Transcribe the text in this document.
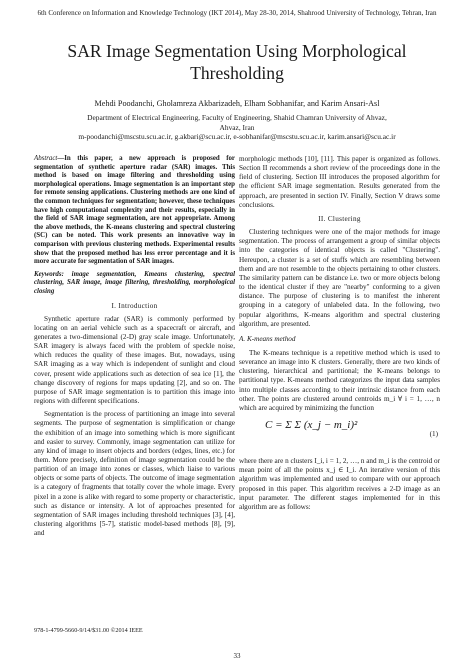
6th Conference on Information and Knowledge Technology (IKT 2014), May 28-30, 2014, Shahrood University of Technology, Tehran, Iran
SAR Image Segmentation Using Morphological
Thresholding
Mehdi Poodanchi, Gholamreza Akbarizadeh, Elham Sobhanifar, and Karim Ansari-Asl
Department of Electrical Engineering, Faculty of Engineering, Shahid Chamran University of Ahvaz,
Ahvaz, Iran
m-poodanchi@mscstu.scu.ac.ir, g.akbari@scu.ac.ir, e-sobhanifar@mscstu.scu.ac.ir, karim.ansari@scu.ac.ir

Abstract—In this paper, a new approach is proposed for segmentation of synthetic aperture radar (SAR) images. This method is based on image filtering and thresholding using morphological operations. Image segmentation is an important step for remote sensing applications. Clustering methods are one kind of the common techniques for segmentation; however, these techniques have high computational complexity and their results, especially in the field of SAR image segmentation, are not appropriate. Among the above methods, the K-means clustering and spectral clustering (SC) can be noted. This work presents an innovative way in comparison with previous clustering methods. Experimental results show that the proposed method has less error percentage and it is more accurate for segmentation of SAR images.

Keywords: image segmentation, Kmeans clustering, spectral clustering, SAR image, image filtering, thresholding, morphological closing

I. Introduction

Synthetic aperture radar (SAR) is commonly performed by locating on an aerial vehicle such as a spacecraft or aircraft, and generates a two-dimensional (2-D) gray scale image. Unfortunately, SAR imagery is always faced with the problem of speckle noise, which reduces the quality of these images. But, nowadays, using SAR imaging as a way which is independent of sunlight and cloud cover, present wide applications such as detection of sea ice [1], the change discovery of regions for maps updating [2], and so on. The purpose of SAR image segmentation is to partition this image into regions with different specifications.

Segmentation is the process of partitioning an image into several segments. The purpose of segmentation is simplification or change the exhibition of an image into something which is more significant and easier to survey. Commonly, image segmentation can utilize for any kind of image to insert objects and borders (edges, lines, etc.) for them. More precisely, definition of image segmentation could be the partition of an image into zones or classes, which liaise to various objects or some parts of objects. The outcome of image segmentation is a category of fragments that totally cover the whole image. Every pixel in a zone is alike with regard to some property or characteristic, such as distance or intensity. A lot of approaches presented for segmentation of SAR images including threshold techniques [3], [4], clustering algorithms [5-7], statistic model-based methods [8], [9], and

morphologic methods [10], [11]. This paper is organized as follows. Section II recommends a short review of the proceedings done in the field of clustering. Section III introduces the proposed algorithm for the efficient SAR image segmentation. Results generated from the approach, are presented in section IV. Finally, Section V draws some conclusions.

II. Clustering

Clustering techniques were one of the major methods for image segmentation. The process of arrangement a group of similar objects into the categories of identical objects is called "Clustering". Hereupon, a cluster is a set of stuffs which are resembling between them and are not resemble to the objects pertaining to other clusters. The similarity pattern can be distance i.e. two or more objects belong to the identical cluster if they are "nearby" conforming to a given distance. The purpose of clustering is to manifest the inherent grouping in a category of unlabeled data. In the following, two popular algorithms, K-means algorithm and spectral clustering algorithm, are presented.

A. K-means method

The K-means technique is a repetitive method which is used to severance an image into K clusters. Generally, there are two kinds of clustering, hierarchical and partitional; the K-means belongs to partitional type. K-means method categorizes the input data samples into multiple classes according to their intrinsic distance from each other. The points are clustered around centroids m_i ∀ i = 1, …, n which are acquired by minimizing the function

C = Σ Σ (x_j − m_i)²
(1)

where there are n clusters I_i, i = 1, 2, …, n and m_i is the centroid or mean point of all the points x_j ∈ I_i. An iterative version of this algorithm was implemented and used to compare with our approach proposed in this paper. This algorithm receives a 2-D image as an input parameter. The different stages implemented for in this algorithm are as follows:

978-1-4799-5660-9/14/$31.00 ©2014 IEEE
33
